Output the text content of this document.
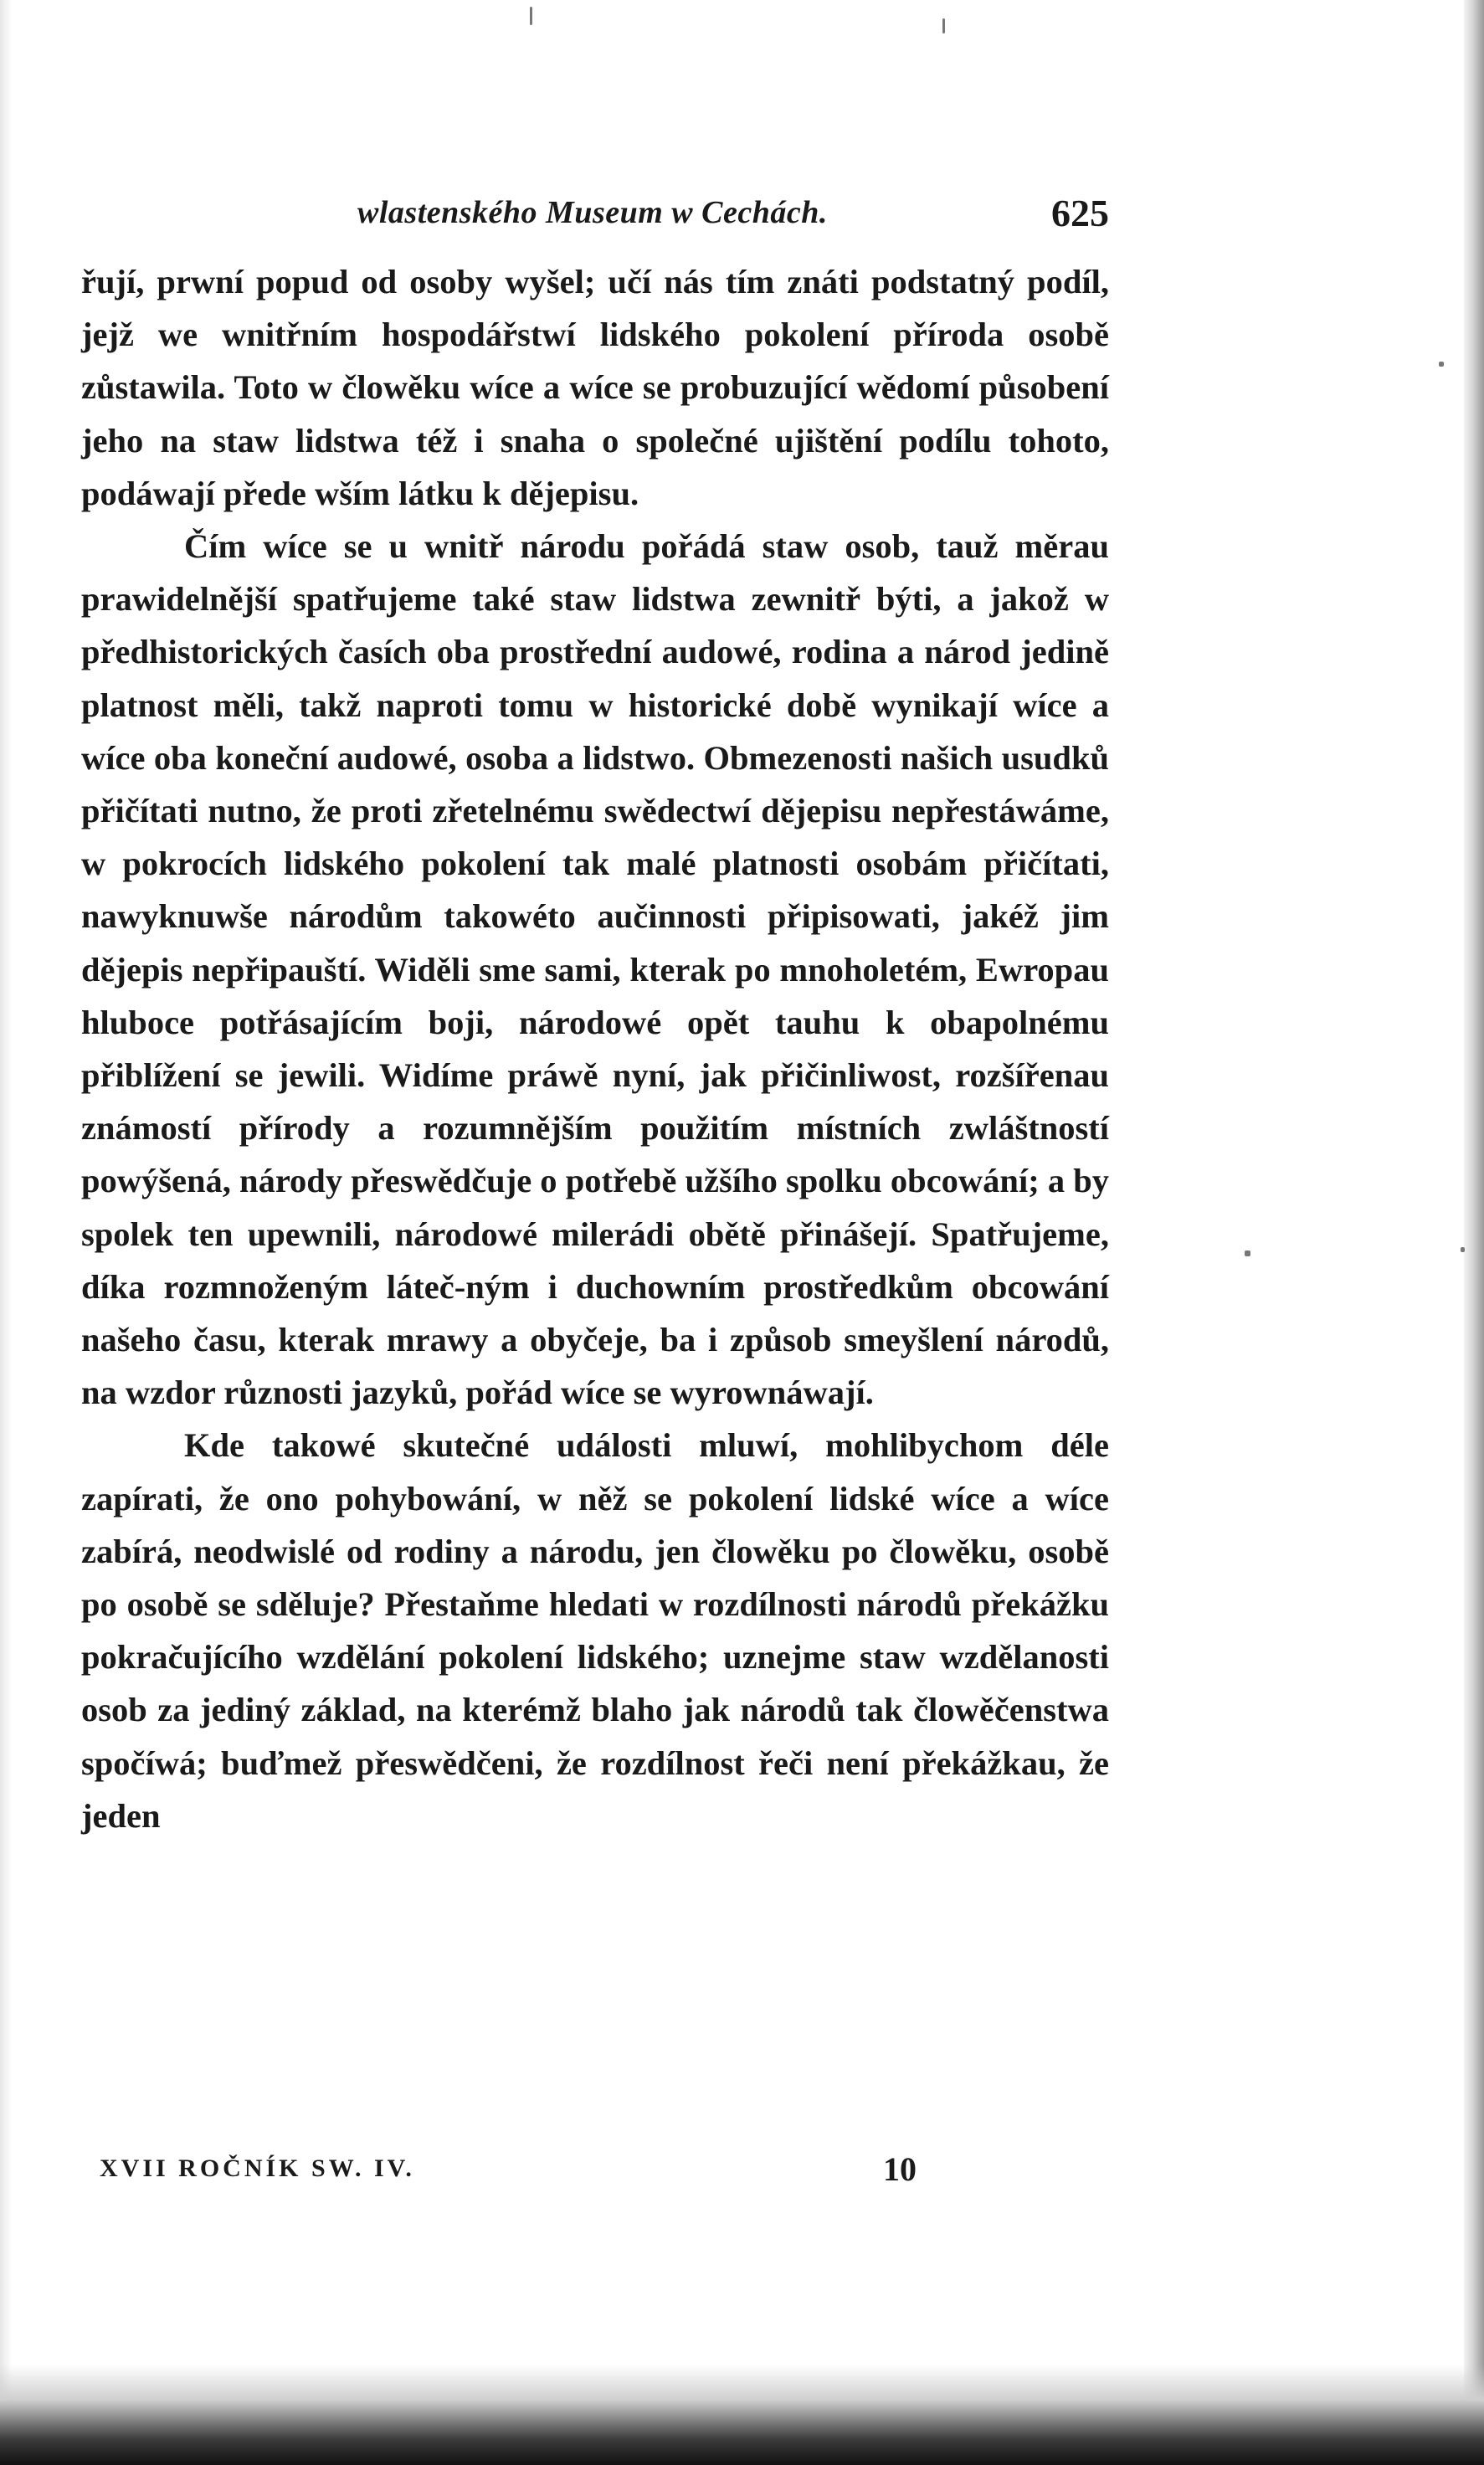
wlastenského Museum w Cechách.	625

řují, prwní popud od osoby wyšel; učí nás tím znáti podstatný podíl, jejž we wnitřním hospodářstwí lidského pokolení příroda osobě zůstawila. Toto w člowěku wíce a wíce se probuzující wědomí působení jeho na staw lidstwa též i snaha o společné ujištění podílu tohoto, podáwají přede wším látku k dějepisu.

Čím wíce se u wnitř národu pořádá staw osob, tauž měrau prawidelnější spatřujeme také staw lidstwa zewnitř býti, a jakož w předhistorických časích oba prostřední audowé, rodina a národ jedině platnost měli, takž naproti tomu w historické době wynikají wíce a wíce oba koneční audowé, osoba a lidstwo. Obmezenosti našich usudků přičítati nutno, že proti zřetelnému swědectwí dějepisu nepřestáwáme, w pokrocích lidského pokolení tak malé platnosti osobám přičítati, nawyknuwše národům takowéto aučinnosti připisowati, jakéž jim dějepis nepřipauští. Widěli sme sami, kterak po mnoholetém, Ewropau hluboce potřásajícím boji, národowé opět tauhu k obapolnému přiblížení se jewili. Widíme práwě nyní, jak přičinliwost, rozšířenau známostí přírody a rozumnějším použitím místních zwláštností powýšená, národy přeswědčuje o potřebě užšího spolku obcowání; a by spolek ten upewnili, národowé milerádi obětě přinášejí. Spatřujeme, díka rozmnoženým láteč-ným i duchowním prostředkům obcowání našeho času, kterak mrawy a obyčeje, ba i způsob smeyšlení národů, na wzdor různosti jazyků, pořád wíce se wyrownáwají.

Kde takowé skutečné události mluwí, mohlibychom déle zapírati, že ono pohybowání, w něž se pokolení lidské wíce a wíce zabírá, neodwislé od rodiny a národu, jen člowěku po člowěku, osobě po osobě se sděluje? Přestaňme hledati w rozdílnosti národů překážku pokračujícího wzdělání pokolení lidského; uznejme staw wzdělanosti osob za jediný základ, na kterémž blaho jak národů tak člowěčenstwa spočíwá; buďmež přeswědčeni, že rozdílnost řeči není překážkau, že jeden

XVII ROČNÍK SW. IV.	10
